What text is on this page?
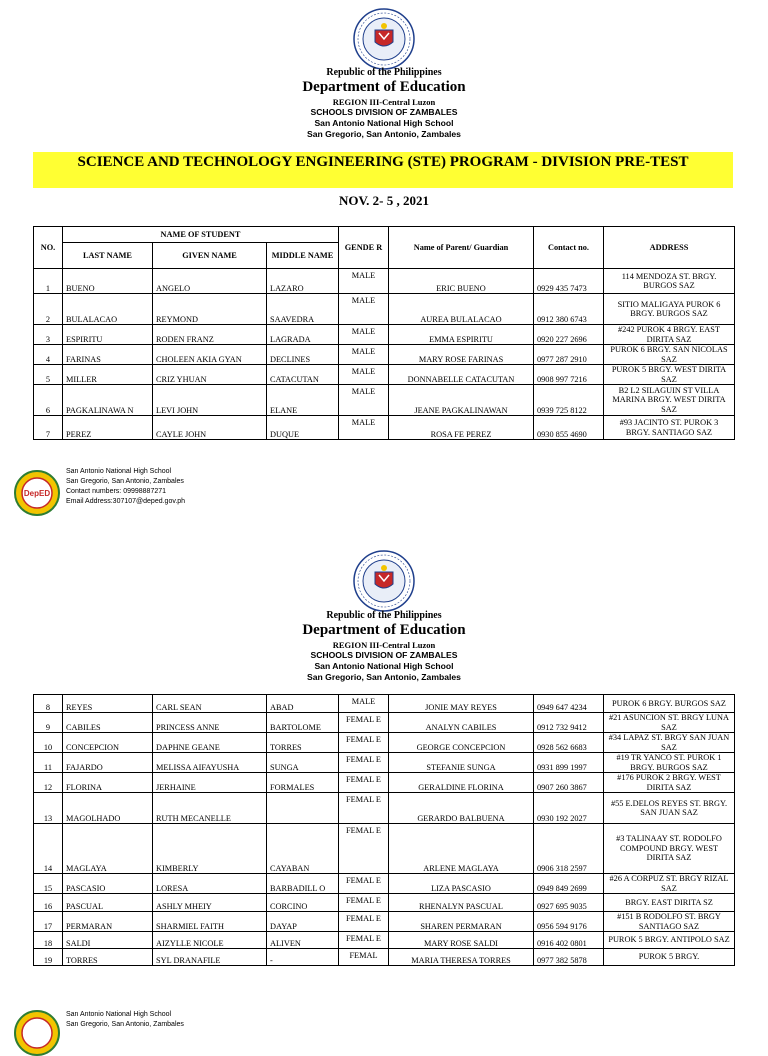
Republic of the Philippines
Department of Education
REGION III-Central Luzon
SCHOOLS DIVISION OF ZAMBALES
San Antonio National High School
San Gregorio, San Antonio, Zambales
SCIENCE AND TECHNOLOGY ENGINEERING (STE) PROGRAM - DIVISION PRE-TEST
NOV. 2- 5 , 2021
NO.	NAME OF STUDENT			GENDE R	Name of Parent/ Guardian	Contact no.	ADDRESS
	LAST NAME	GIVEN NAME	MIDDLE NAME				
1	BUENO	ANGELO	LAZARO	MALE	ERIC BUENO	0929 435 7473	114 MENDOZA ST. BRGY. BURGOS SAZ
2	BULALACAO	REYMOND	SAAVEDRA	MALE	AUREA BULALACAO	0912 380 6743	SITIO MALIGAYA PUROK 6 BRGY. BURGOS SAZ
3	ESPIRITU	RODEN FRANZ	LAGRADA	MALE	EMMA ESPIRITU	0920 227 2696	#242 PUROK 4 BRGY. EAST DIRITA SAZ
4	FARINAS	CHOLEEN AKIA GYAN	DECLINES	MALE	MARY ROSE FARINAS	0977 287 2910	PUROK 6 BRGY. SAN NICOLAS SAZ
5	MILLER	CRIZ YHUAN	CATACUTAN	MALE	DONNABELLE CATACUTAN	0908 997 7216	PUROK 5 BRGY. WEST DIRITA SAZ
6	PAGKALINAWA N	LEVI JOHN	ELANE	MALE	JEANE PAGKALINAWAN	0939 725 8122	B2 L2 SILAGUIN ST VILLA MARINA BRGY. WEST DIRITA SAZ
7	PEREZ	CAYLE JOHN	DUQUE	MALE	ROSA FE PEREZ	0930 855 4690	#93 JACINTO ST. PUROK 3 BRGY. SANTIAGO SAZ
DepED
San Antonio National High School
San Gregorio, San Antonio, Zambales
Contact numbers: 09998887271
Email Address:307107@deped.gov.ph
Republic of the Philippines
Department of Education
REGION III-Central Luzon
SCHOOLS DIVISION OF ZAMBALES
San Antonio National High School
San Gregorio, San Antonio, Zambales
8	REYES	CARL SEAN	ABAD	MALE	JONIE MAY REYES	0949 647 4234	PUROK 6 BRGY. BURGOS SAZ
9	CABILES	PRINCESS ANNE	BARTOLOME	FEMAL E	ANALYN CABILES	0912 732 9412	#21 ASUNCION ST. BRGY LUNA SAZ
10	CONCEPCION	DAPHNE GEANE	TORRES	FEMAL E	GEORGE CONCEPCION	0928 562 6683	#34 LAPAZ ST. BRGY SAN JUAN SAZ
11	FAJARDO	MELISSA AIFAYUSHA	SUNGA	FEMAL E	STEFANIE SUNGA	0931 899 1997	#19 TR YANCO ST. PUROK 1 BRGY. BURGOS SAZ
12	FLORINA	JERHAINE	FORMALES	FEMAL E	GERALDINE FLORINA	0907 260 3867	#176 PUROK 2 BRGY. WEST DIRITA SAZ
13	MAGOLHADO	RUTH MECANELLE		FEMAL E	GERARDO BALBUENA	0930 192 2027	#55 E.DELOS REYES ST. BRGY. SAN JUAN SAZ
14	MAGLAYA	KIMBERLY	CAYABAN	FEMAL E	ARLENE MAGLAYA	0906 318 2597	#3 TALINAAY ST. RODOLFO COMPOUND BRGY. WEST DIRITA SAZ
15	PASCASIO	LORESA	BARBADILL O	FEMAL E	LIZA PASCASIO	0949 849 2699	#26 A CORPUZ ST. BRGY RIZAL SAZ
16	PASCUAL	ASHLY MHEIY	CORCINO	FEMAL E	RHENALYN PASCUAL	0927 695 9035	BRGY. EAST DIRITA SZ
17	PERMARAN	SHARMIEL FAITH	DAYAP	FEMAL E	SHAREN PERMARAN	0956 594 9176	#151 B RODOLFO ST. BRGY SANTIAGO SAZ
18	SALDI	AIZYLLE NICOLE	ALIVEN	FEMAL E	MARY ROSE SALDI	0916 402 0801	PUROK 5 BRGY. ANTIPOLO SAZ
19	TORRES	SYL DRANAFILE	-	FEMAL	MARIA THERESA TORRES	0977 382 5878	PUROK 5 BRGY.
San Antonio National High School
San Gregorio, San Antonio, Zambales
